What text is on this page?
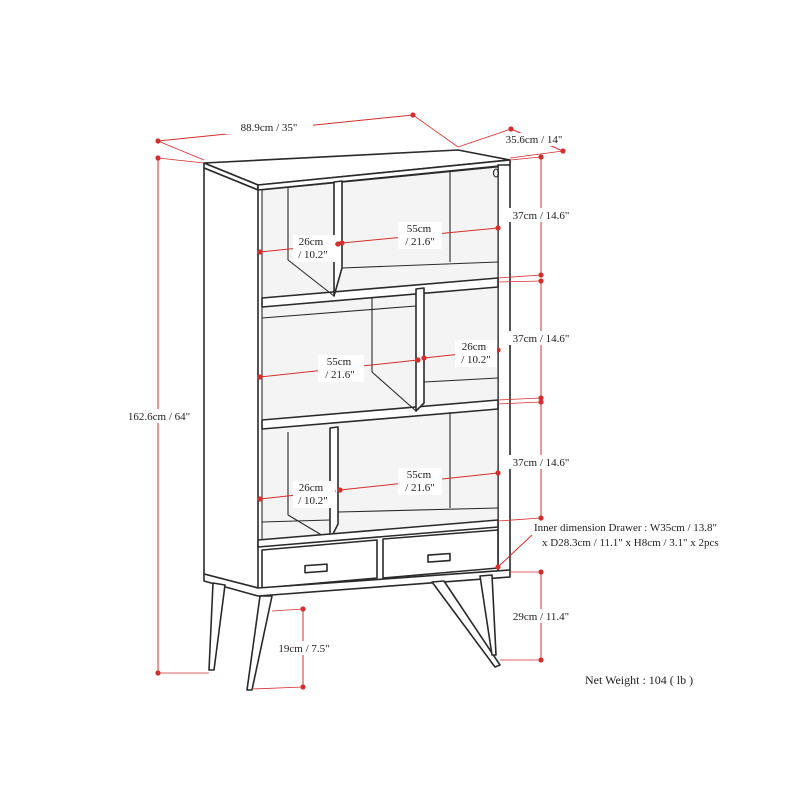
88.9cm / 35"
35.6cm / 14"
162.6cm / 64"
37cm / 14.6"
37cm / 14.6"
37cm / 14.6"
29cm / 11.4"
19cm / 7.5"
26cm
/ 10.2"
55cm
/ 21.6"
55cm
/ 21.6"
26cm
/ 10.2"
26cm
/ 10.2"
55cm
/ 21.6"
Inner dimension Drawer : W35cm / 13.8"
x D28.3cm / 11.1" x H8cm / 3.1" x 2pcs
Net Weight : 104 ( lb )
